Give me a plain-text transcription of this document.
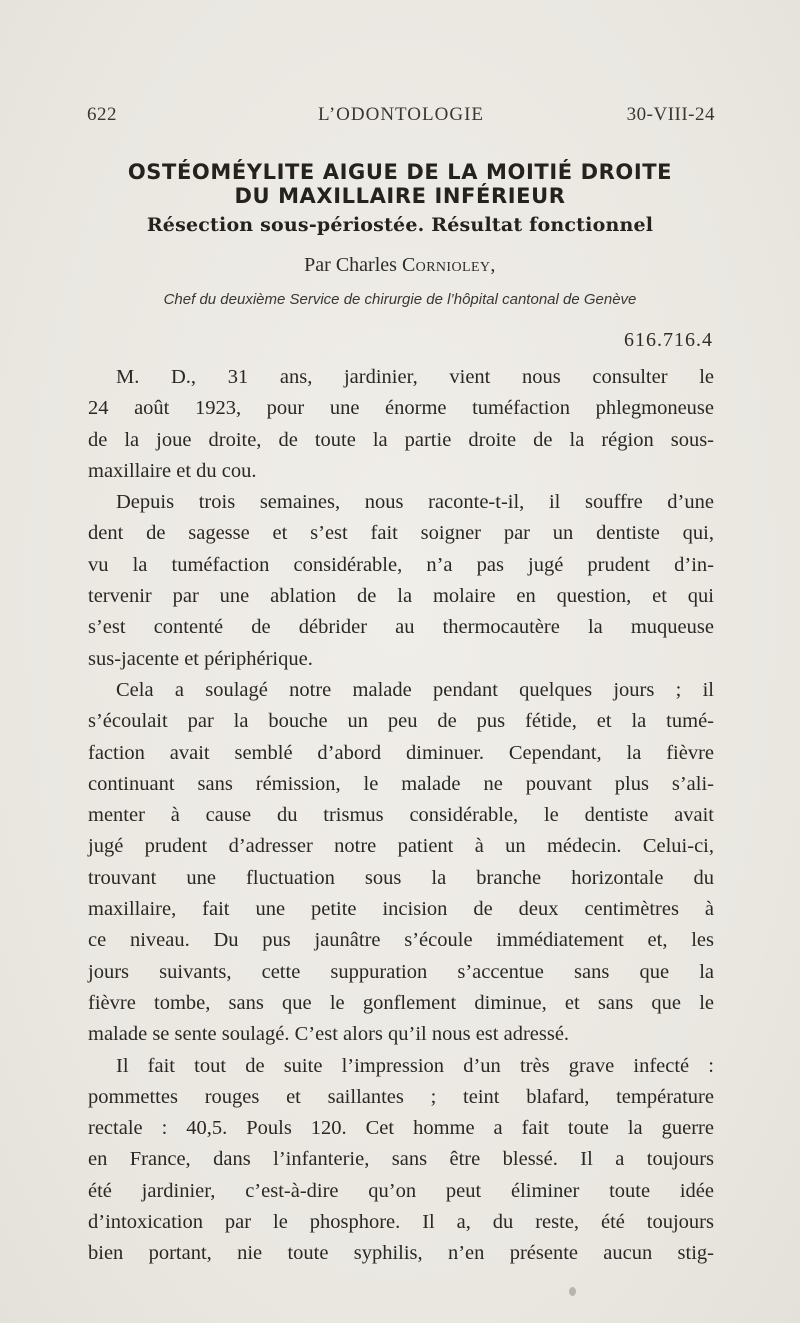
622	L’ODONTOLOGIE	30-VIII-24
OSTÉOMÉYLITE AIGUE DE LA MOITIÉ DROITE
DU MAXILLAIRE INFÉRIEUR
Résection sous-périostée. Résultat fonctionnel
Par Charles Cornioley,
Chef du deuxième Service de chirurgie de l’hôpital cantonal de Genève
616.716.4
M. D., 31 ans, jardinier, vient nous consulter le
24 août 1923, pour une énorme tuméfaction phlegmoneuse
de la joue droite, de toute la partie droite de la région sous-
maxillaire et du cou.
Depuis trois semaines, nous raconte-t-il, il souffre d’une
dent de sagesse et s’est fait soigner par un dentiste qui,
vu la tuméfaction considérable, n’a pas jugé prudent d’in-
tervenir par une ablation de la molaire en question, et qui
s’est contenté de débrider au thermocautère la muqueuse
sus-jacente et périphérique.
Cela a soulagé notre malade pendant quelques jours ; il
s’écoulait par la bouche un peu de pus fétide, et la tumé-
faction avait semblé d’abord diminuer. Cependant, la fièvre
continuant sans rémission, le malade ne pouvant plus s’ali-
menter à cause du trismus considérable, le dentiste avait
jugé prudent d’adresser notre patient à un médecin. Celui-ci,
trouvant une fluctuation sous la branche horizontale du
maxillaire, fait une petite incision de deux centimètres à
ce niveau. Du pus jaunâtre s’écoule immédiatement et, les
jours suivants, cette suppuration s’accentue sans que la
fièvre tombe, sans que le gonflement diminue, et sans que le
malade se sente soulagé. C’est alors qu’il nous est adressé.
Il fait tout de suite l’impression d’un très grave infecté :
pommettes rouges et saillantes ; teint blafard, température
rectale : 40,5. Pouls 120. Cet homme a fait toute la guerre
en France, dans l’infanterie, sans être blessé. Il a toujours
été jardinier, c’est-à-dire qu’on peut éliminer toute idée
d’intoxication par le phosphore. Il a, du reste, été toujours
bien portant, nie toute syphilis, n’en présente aucun stig-
